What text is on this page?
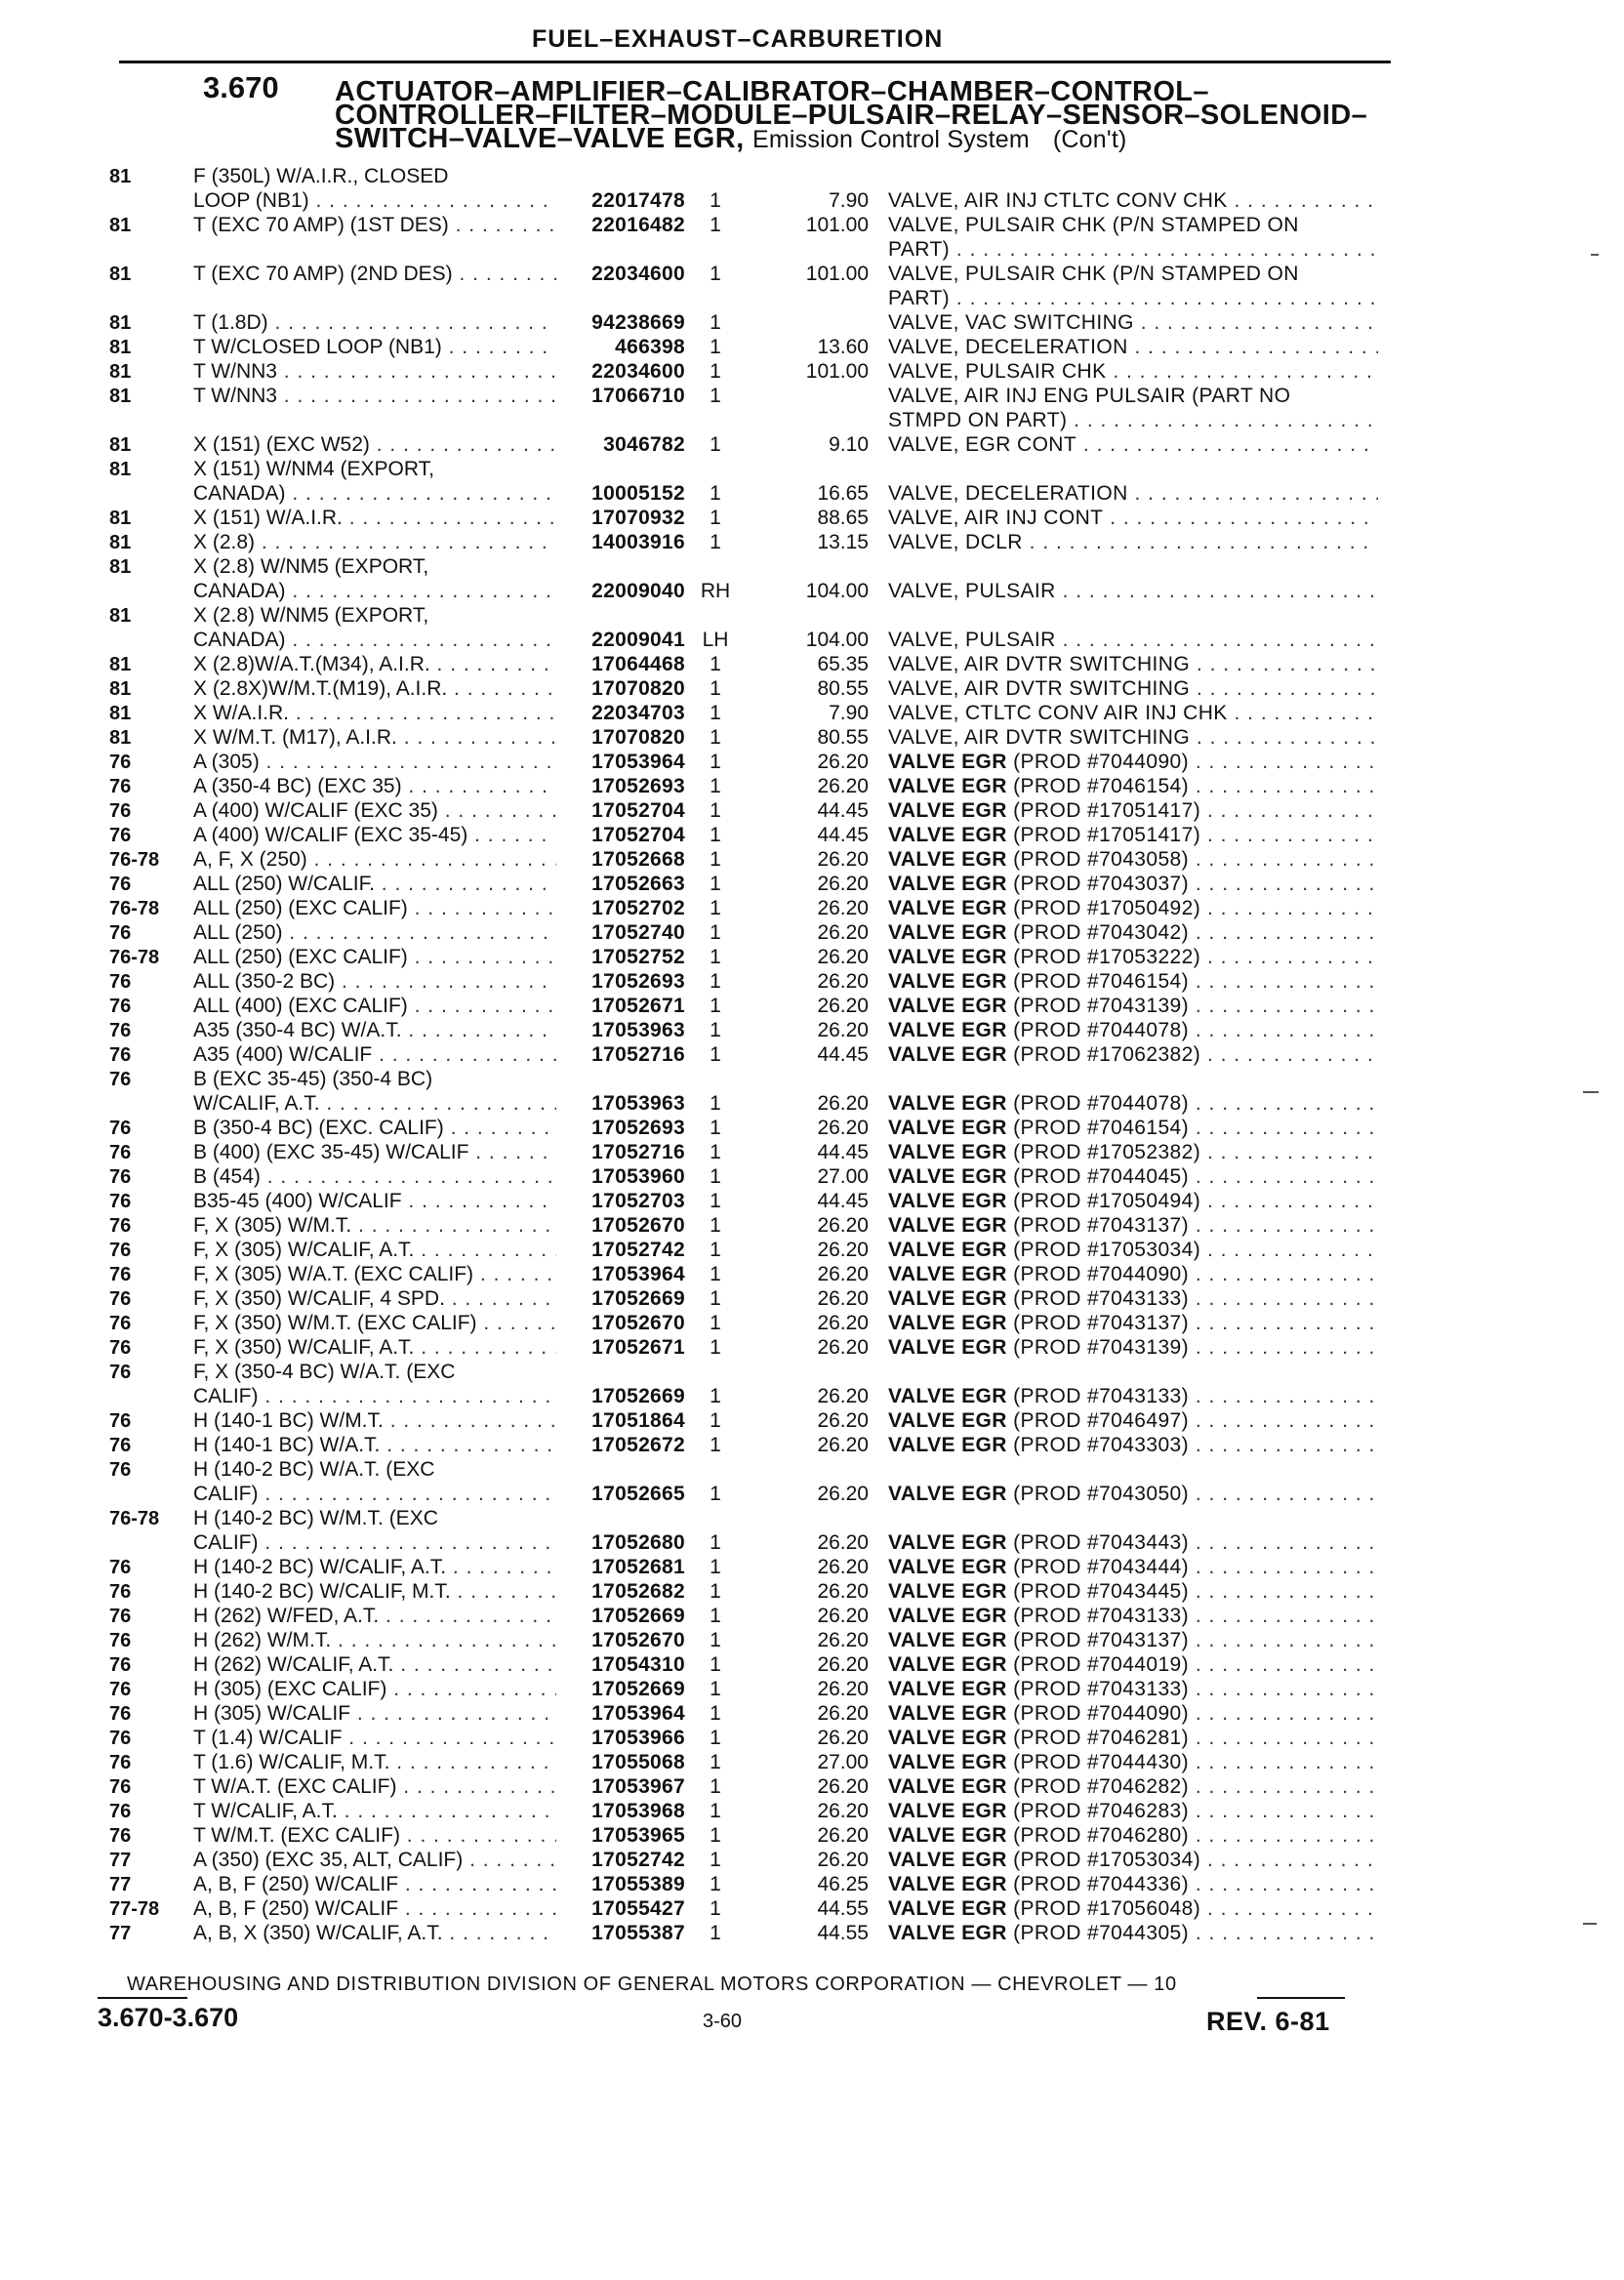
FUEL–EXHAUST–CARBURETION
3.670 ACTUATOR–AMPLIFIER–CALIBRATOR–CHAMBER–CONTROL–
CONTROLLER–FILTER–MODULE–PULSAIR–RELAY–SENSOR–SOLENOID–
SWITCH–VALVE–VALVE EGR, Emission Control System (Con't)
81	F (350L) W/A.I.R., CLOSED
LOOP (NB1) . . .	22017478	1	7.90 VALVE, AIR INJ CTLTC CONV CHK . . .
81	T (EXC 70 AMP) (1ST DES) . . .	22016482	1	101.00 VALVE, PULSAIR CHK (P/N STAMPED ON
PART) . . .
81	T (EXC 70 AMP) (2ND DES) . . .	22034600	1	101.00 VALVE, PULSAIR CHK (P/N STAMPED ON
PART) . . .
81	T (1.8D) . . .	94238669	1	VALVE, VAC SWITCHING . . .
81	T W/CLOSED LOOP (NB1) . . .	466398	1	13.60 VALVE, DECELERATION . . .
81	T W/NN3 . . .	22034600	1	101.00 VALVE, PULSAIR CHK . . .
81	T W/NN3 . . .	17066710	1	VALVE, AIR INJ ENG PULSAIR (PART NO
STMPD ON PART) . . .
81	X (151) (EXC W52) . . .	3046782	1	9.10 VALVE, EGR CONT . . .
81	X (151) W/NM4 (EXPORT,
CANADA) . . .	10005152	1	16.65 VALVE, DECELERATION . . .
81	X (151) W/A.I.R. . . .	17070932	1	88.65 VALVE, AIR INJ CONT . . .
81	X (2.8) . . .	14003916	1	13.15 VALVE, DCLR . . .
81	X (2.8) W/NM5 (EXPORT,
CANADA) . . .	22009040 RH	104.00 VALVE, PULSAIR . . .
81	X (2.8) W/NM5 (EXPORT,
CANADA) . . .	22009041 LH	104.00 VALVE, PULSAIR . . .
81	X (2.8)W/A.T.(M34), A.I.R. . . .	17064468	1	65.35 VALVE, AIR DVTR SWITCHING . . .
81	X (2.8X)W/M.T.(M19), A.I.R. . . .	17070820	1	80.55 VALVE, AIR DVTR SWITCHING . . .
81	X W/A.I.R. . . .	22034703	1	7.90 VALVE, CTLTC CONV AIR INJ CHK . . .
81	X W/M.T. (M17), A.I.R. . . .	17070820	1	80.55 VALVE, AIR DVTR SWITCHING . . .
76	A (305) . . .	17053964	1	26.20 VALVE EGR (PROD #7044090) . . .
76	A (350-4 BC) (EXC 35) . . .	17052693	1	26.20 VALVE EGR (PROD #7046154) . . .
76	A (400) W/CALIF (EXC 35) . . .	17052704	1	44.45 VALVE EGR (PROD #17051417) . . .
76	A (400) W/CALIF (EXC 35-45) . . .	17052704	1	44.45 VALVE EGR (PROD #17051417) . . .
76-78	A, F, X (250) . . .	17052668	1	26.20 VALVE EGR (PROD #7043058) . . .
76	ALL (250) W/CALIF. . . .	17052663	1	26.20 VALVE EGR (PROD #7043037) . . .
76-78	ALL (250) (EXC CALIF) . . .	17052702	1	26.20 VALVE EGR (PROD #17050492) . . .
76	ALL (250) . . .	17052740	1	26.20 VALVE EGR (PROD #7043042) . . .
76-78	ALL (250) (EXC CALIF) . . .	17052752	1	26.20 VALVE EGR (PROD #17053222) . . .
76	ALL (350-2 BC) . . .	17052693	1	26.20 VALVE EGR (PROD #7046154) . . .
76	ALL (400) (EXC CALIF) . . .	17052671	1	26.20 VALVE EGR (PROD #7043139) . . .
76	A35 (350-4 BC) W/A.T. . . .	17053963	1	26.20 VALVE EGR (PROD #7044078) . . .
76	A35 (400) W/CALIF . . .	17052716	1	44.45 VALVE EGR (PROD #17062382) . . .
76	B (EXC 35-45) (350-4 BC)
W/CALIF, A.T. . . .	17053963	1	26.20 VALVE EGR (PROD #7044078) . . .
76	B (350-4 BC) (EXC. CALIF) . . .	17052693	1	26.20 VALVE EGR (PROD #7046154) . . .
76	B (400) (EXC 35-45) W/CALIF . . .	17052716	1	44.45 VALVE EGR (PROD #17052382) . . .
76	B (454) . . .	17053960	1	27.00 VALVE EGR (PROD #7044045) . . .
76	B35-45 (400) W/CALIF . . .	17052703	1	44.45 VALVE EGR (PROD #17050494) . . .
76	F, X (305) W/M.T. . . .	17052670	1	26.20 VALVE EGR (PROD #7043137) . . .
76	F, X (305) W/CALIF, A.T. . . .	17052742	1	26.20 VALVE EGR (PROD #17053034) . . .
76	F, X (305) W/A.T. (EXC CALIF) . . .	17053964	1	26.20 VALVE EGR (PROD #7044090) . . .
76	F, X (350) W/CALIF, 4 SPD. . . .	17052669	1	26.20 VALVE EGR (PROD #7043133) . . .
76	F, X (350) W/M.T. (EXC CALIF) . . .	17052670	1	26.20 VALVE EGR (PROD #7043137) . . .
76	F, X (350) W/CALIF, A.T. . . .	17052671	1	26.20 VALVE EGR (PROD #7043139) . . .
76	F, X (350-4 BC) W/A.T. (EXC
CALIF) . . .	17052669	1	26.20 VALVE EGR (PROD #7043133) . . .
76	H (140-1 BC) W/M.T. . . .	17051864	1	26.20 VALVE EGR (PROD #7046497) . . .
76	H (140-1 BC) W/A.T. . . .	17052672	1	26.20 VALVE EGR (PROD #7043303) . . .
76	H (140-2 BC) W/A.T. (EXC
CALIF) . . .	17052665	1	26.20 VALVE EGR (PROD #7043050) . . .
76-78	H (140-2 BC) W/M.T. (EXC
CALIF) . . .	17052680	1	26.20 VALVE EGR (PROD #7043443) . . .
76	H (140-2 BC) W/CALIF, A.T. . . .	17052681	1	26.20 VALVE EGR (PROD #7043444) . . .
76	H (140-2 BC) W/CALIF, M.T. . . .	17052682	1	26.20 VALVE EGR (PROD #7043445) . . .
76	H (262) W/FED, A.T. . . .	17052669	1	26.20 VALVE EGR (PROD #7043133) . . .
76	H (262) W/M.T. . . .	17052670	1	26.20 VALVE EGR (PROD #7043137) . . .
76	H (262) W/CALIF, A.T. . . .	17054310	1	26.20 VALVE EGR (PROD #7044019) . . .
76	H (305) (EXC CALIF) . . .	17052669	1	26.20 VALVE EGR (PROD #7043133) . . .
76	H (305) W/CALIF . . .	17053964	1	26.20 VALVE EGR (PROD #7044090) . . .
76	T (1.4) W/CALIF . . .	17053966	1	26.20 VALVE EGR (PROD #7046281) . . .
76	T (1.6) W/CALIF, M.T. . . .	17055068	1	27.00 VALVE EGR (PROD #7044430) . . .
76	T W/A.T. (EXC CALIF) . . .	17053967	1	26.20 VALVE EGR (PROD #7046282) . . .
76	T W/CALIF, A.T. . . .	17053968	1	26.20 VALVE EGR (PROD #7046283) . . .
76	T W/M.T. (EXC CALIF) . . .	17053965	1	26.20 VALVE EGR (PROD #7046280) . . .
77	A (350) (EXC 35, ALT, CALIF) . . .	17052742	1	26.20 VALVE EGR (PROD #17053034) . . .
77	A, B, F (250) W/CALIF . . .	17055389	1	46.25 VALVE EGR (PROD #7044336) . . .
77-78	A, B, F (250) W/CALIF . . .	17055427	1	44.55 VALVE EGR (PROD #17056048) . . .
77	A, B, X (350) W/CALIF, A.T. . . .	17055387	1	44.55 VALVE EGR (PROD #7044305) . . .
WAREHOUSING AND DISTRIBUTION DIVISION OF GENERAL MOTORS CORPORATION — CHEVROLET — 10
3.670-3.670	3-60	REV. 6-81
